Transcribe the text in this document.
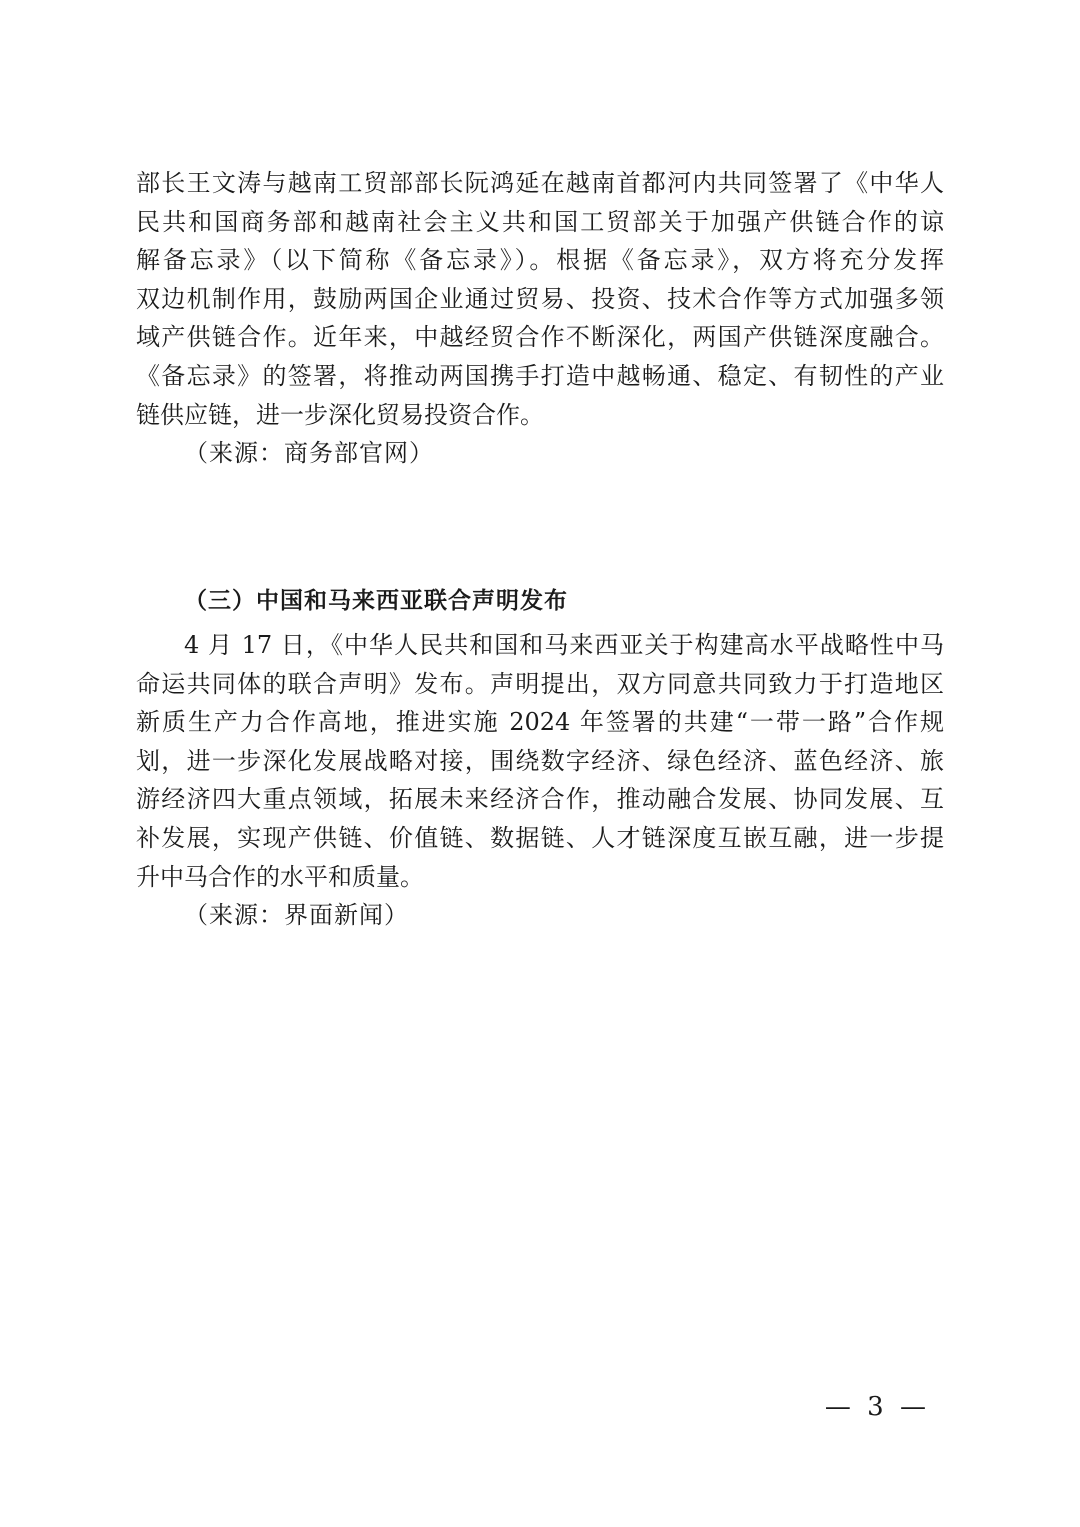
部长王文涛与越南工贸部部长阮鸿延在越南首都河内共同签署了《中华人
民共和国商务部和越南社会主义共和国工贸部关于加强产供链合作的谅
解备忘录》（以下简称《备忘录》）。根据《备忘录》，双方将充分发挥
双边机制作用，鼓励两国企业通过贸易、投资、技术合作等方式加强多领
域产供链合作。近年来，中越经贸合作不断深化，两国产供链深度融合。
《备忘录》的签署，将推动两国携手打造中越畅通、稳定、有韧性的产业
链供应链，进一步深化贸易投资合作。
（来源：商务部官网）
（三）中国和马来西亚联合声明发布
4 月 17 日，《中华人民共和国和马来西亚关于构建高水平战略性中马
命运共同体的联合声明》发布。声明提出，双方同意共同致力于打造地区
新质生产力合作高地，推进实施 2024 年签署的共建“一带一路”合作规
划，进一步深化发展战略对接，围绕数字经济、绿色经济、蓝色经济、旅
游经济四大重点领域，拓展未来经济合作，推动融合发展、协同发展、互
补发展，实现产供链、价值链、数据链、人才链深度互嵌互融，进一步提
升中马合作的水平和质量。
（来源：界面新闻）
— 3 —
